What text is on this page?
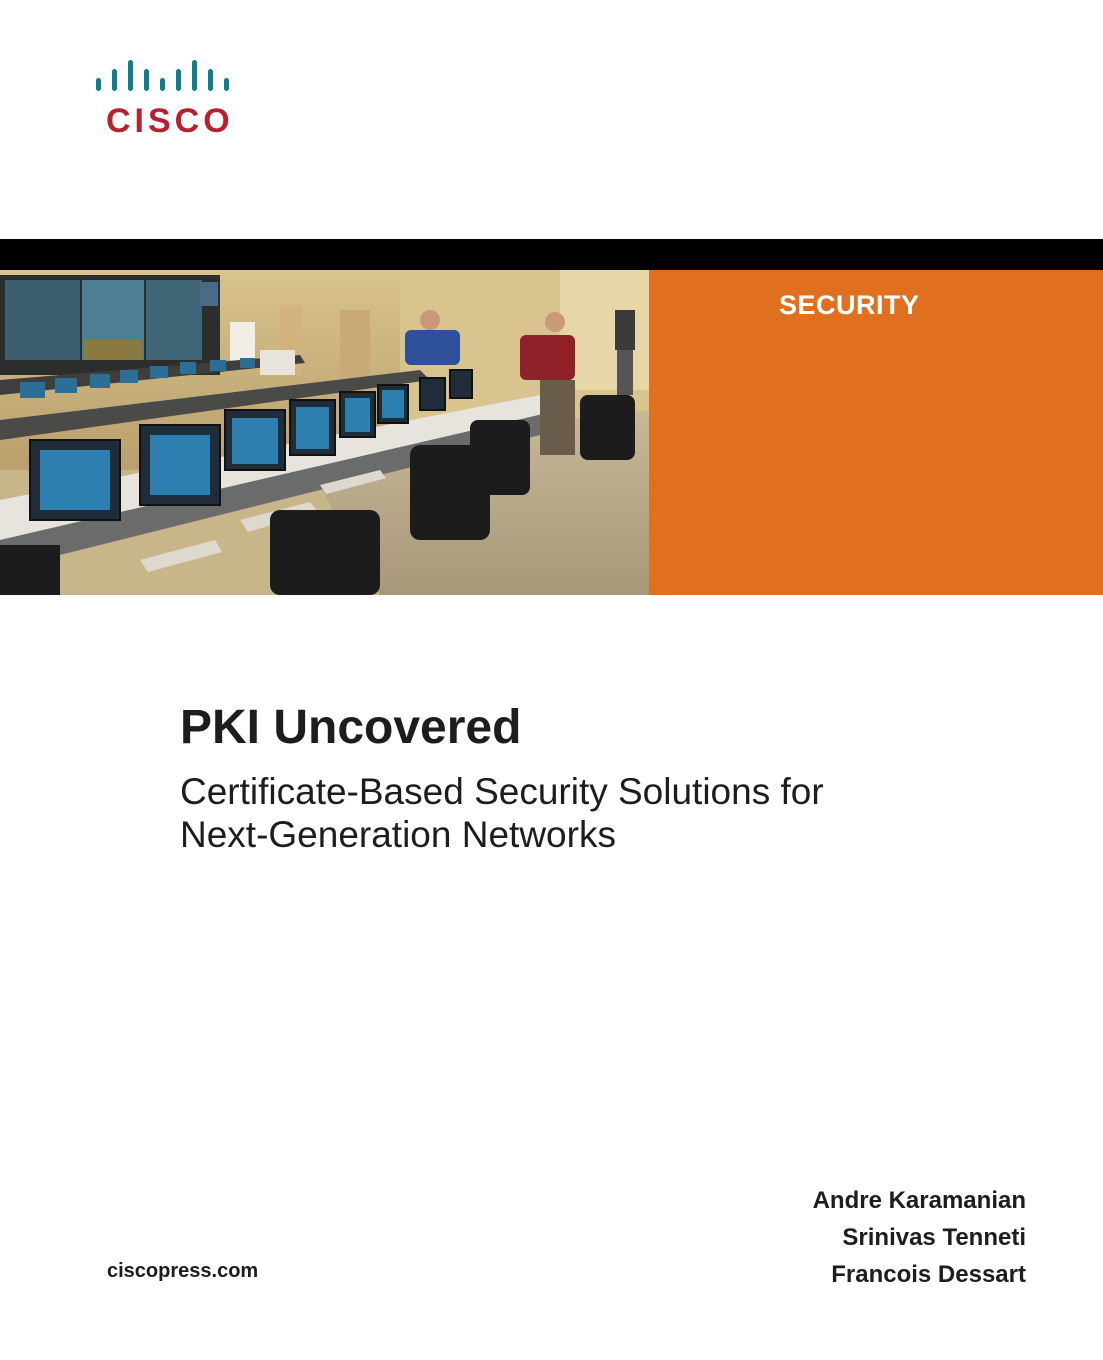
CISCO
SECURITY
PKI Uncovered
Certificate-Based Security Solutions for
Next-Generation Networks
Andre Karamanian
Srinivas Tenneti
Francois Dessart
ciscopress.com
